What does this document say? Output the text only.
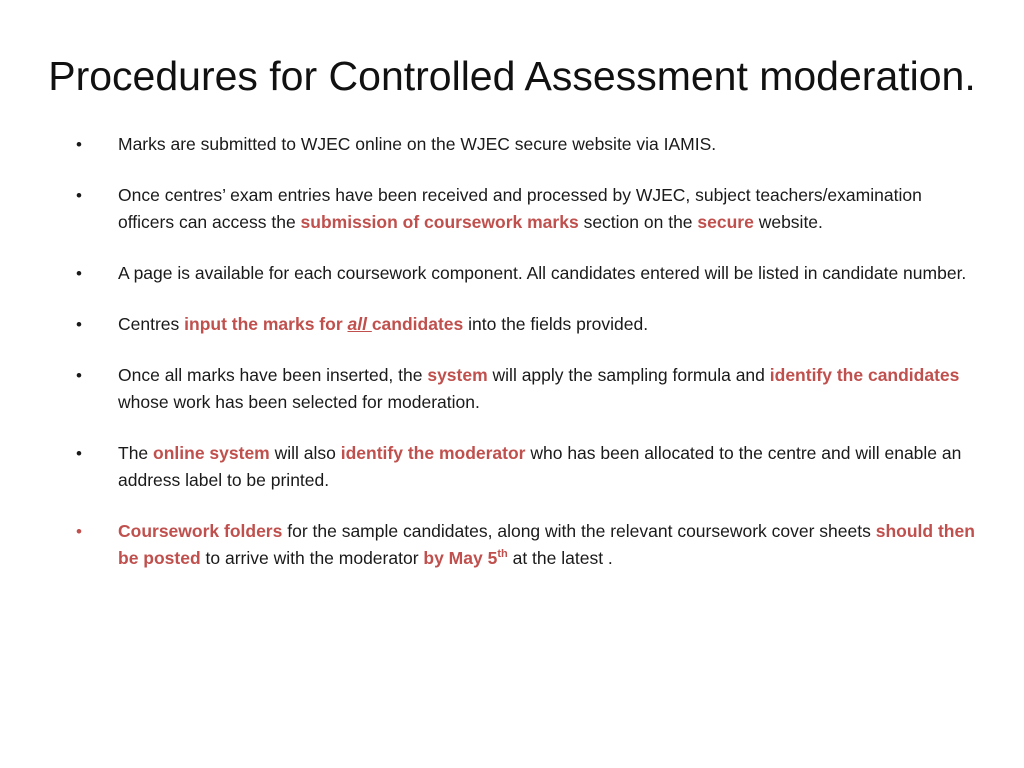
Procedures for Controlled Assessment moderation.
• Marks are submitted to WJEC online on the WJEC secure website via IAMIS.
• Once centres’ exam entries have been received and processed by WJEC, subject teachers/examination officers can access the submission of coursework marks section on the secure website.
• A page is available for each coursework component. All candidates entered will be listed in candidate number.
• Centres input the marks for all candidates into the fields provided.
• Once all marks have been inserted, the system will apply the sampling formula and identify the candidates whose work has been selected for moderation.
• The online system will also identify the moderator who has been allocated to the centre and will enable an address label to be printed.
• Coursework folders for the sample candidates, along with the relevant coursework cover sheets should then be posted to arrive with the moderator by May 5th at the latest .
